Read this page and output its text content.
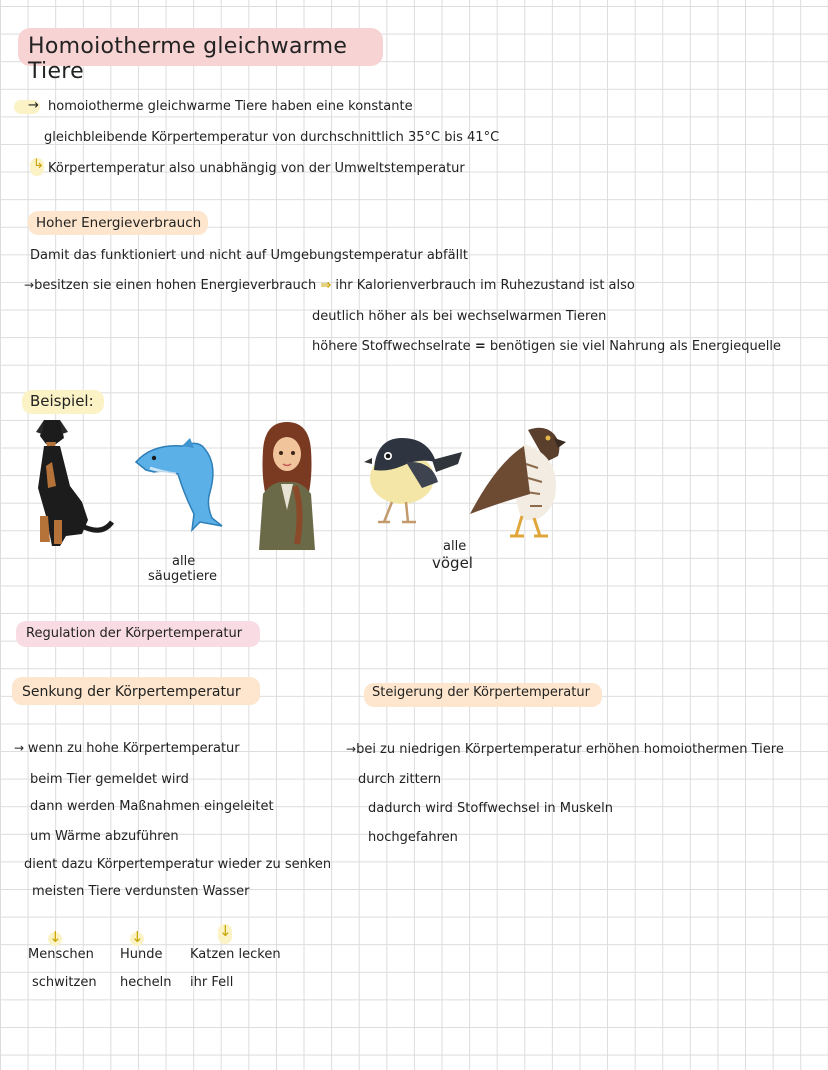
Homoiotherme gleichwarme Tiere
→ homoiotherme gleichwarme Tiere haben eine konstante
gleichbleibende Körpertemperatur von durchschnittlich 35°C bis 41°C
↳ Körpertemperatur also unabhängig von der Umweltstemperatur
Hoher Energieverbrauch
Damit das funktioniert und nicht auf Umgebungstemperatur abfällt
→besitzen sie einen hohen Energieverbrauch ⇒ ihr Kalorienverbrauch im Ruhezustand ist also
deutlich höher als bei wechselwarmen Tieren
höhere Stoffwechselrate = benötigen sie viel Nahrung als Energiequelle
Beispiel:
alle
säugetiere
alle
vögel
Regulation der Körpertemperatur
Senkung der Körpertemperatur
→ wenn zu hohe Körpertemperatur
beim Tier gemeldet wird
dann werden Maßnahmen eingeleitet
um Wärme abzuführen
dient dazu Körpertemperatur wieder zu senken
meisten Tiere verdunsten Wasser
↓	↓	↓
Menschen
schwitzen
Hunde
hecheln
Katzen lecken
ihr Fell
Steigerung der Körpertemperatur
→bei zu niedrigen Körpertemperatur erhöhen homoiothermen Tiere
durch zittern
dadurch wird Stoffwechsel in Muskeln
hochgefahren
